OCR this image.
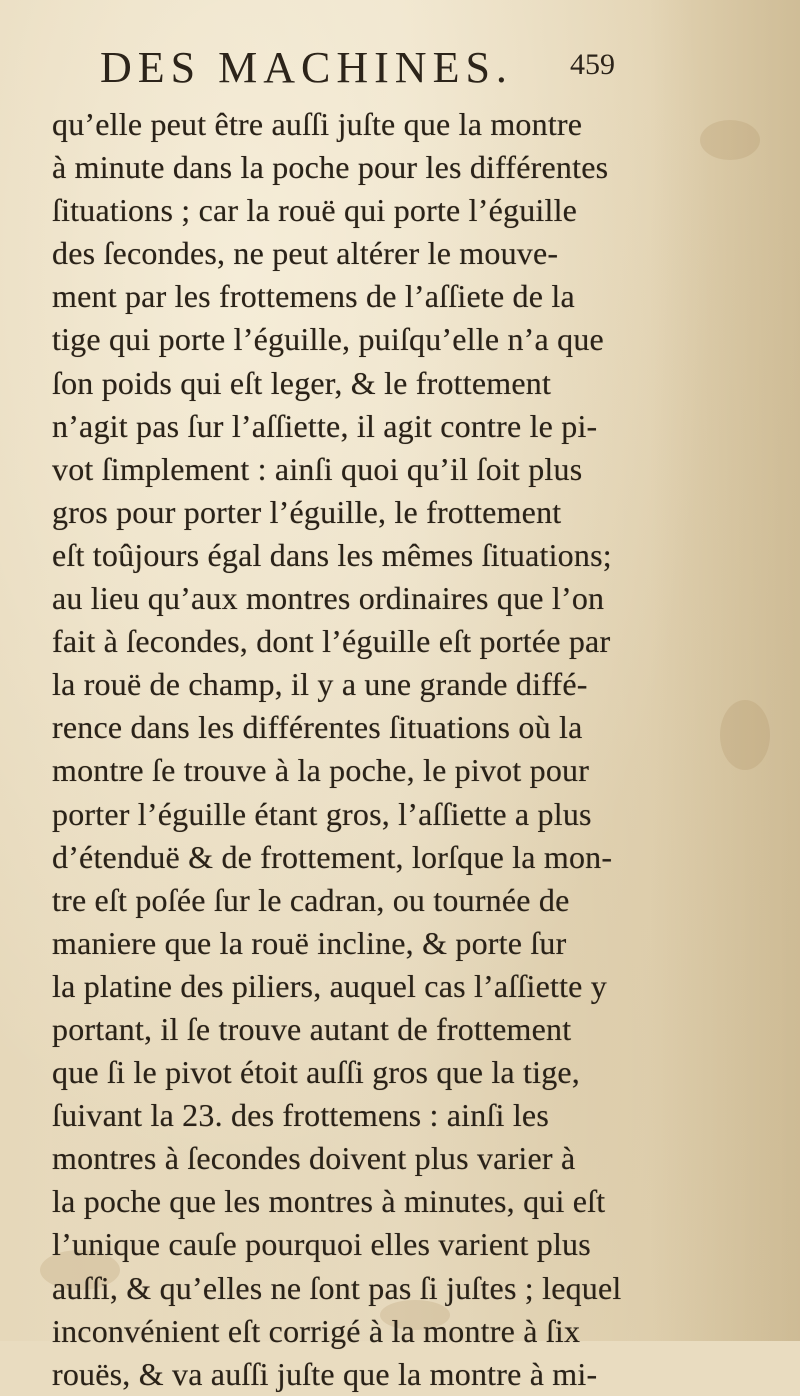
DES MACHINES. 459
qu’elle peut être auſſi juſte que la montre
à minute dans la poche pour les différentes
ſituations ; car la rouë qui porte l’éguille
des ſecondes, ne peut altérer le mouve-
ment par les frottemens de l’aſſiete de la
tige qui porte l’éguille, puiſqu’elle n’a que
ſon poids qui eſt leger, & le frottement
n’agit pas ſur l’aſſiette, il agit contre le pi-
vot ſimplement : ainſi quoi qu’il ſoit plus
gros pour porter l’éguille, le frottement
eſt toûjours égal dans les mêmes ſituations;
au lieu qu’aux montres ordinaires que l’on
fait à ſecondes, dont l’éguille eſt portée par
la rouë de champ, il y a une grande diffé-
rence dans les différentes ſituations où la
montre ſe trouve à la poche, le pivot pour
porter l’éguille étant gros, l’aſſiette a plus
d’étenduë & de frottement, lorſque la mon-
tre eſt poſée ſur le cadran, ou tournée de
maniere que la rouë incline, & porte ſur
la platine des piliers, auquel cas l’aſſiette y
portant, il ſe trouve autant de frottement
que ſi le pivot étoit auſſi gros que la tige,
ſuivant la 23. des frottemens : ainſi les
montres à ſecondes doivent plus varier à
la poche que les montres à minutes, qui eſt
l’unique cauſe pourquoi elles varient plus
auſſi, & qu’elles ne ſont pas ſi juſtes ; lequel
inconvénient eſt corrigé à la montre à ſix
rouës, & va auſſi juſte que la montre à mi-
